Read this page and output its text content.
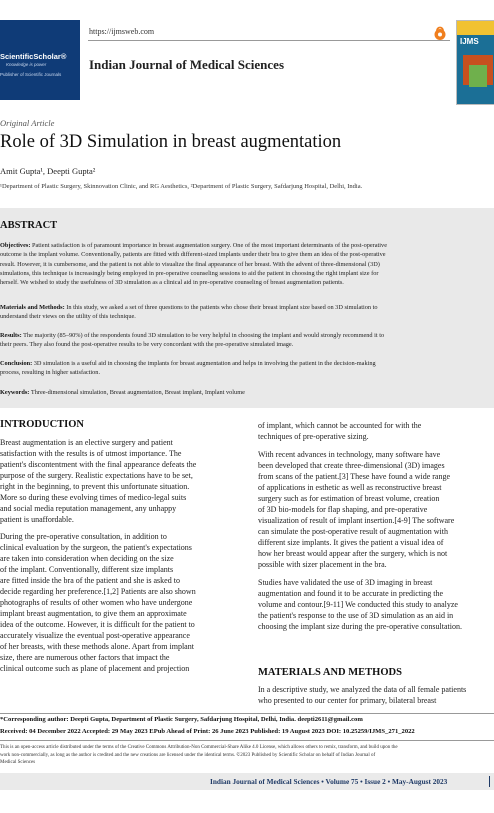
ScientificScholar®
Knowledge is power
Publisher of Scientific Journals
https://ijmsweb.com
Indian Journal of Medical Sciences
IJMS
Original Article
Role of 3D Simulation in breast augmentation
Amit Gupta¹, Deepti Gupta²
¹Department of Plastic Surgery, Skinnovation Clinic, and RG Aesthetics, ²Department of Plastic Surgery, Safdarjung Hospital, Delhi, India.
ABSTRACT
Objectives: Patient satisfaction is of paramount importance in breast augmentation surgery. One of the most important determinants of the post-operative
outcome is the implant volume. Conventionally, patients are fitted with different-sized implants under their bra to give them an idea of the post-operative
result. However, it is cumbersome, and the patient is not able to visualize the final appearance of her breast. With the advent of three-dimensional (3D)
simulations, this technique is increasingly being employed in pre-operative counseling sessions to aid the patient in choosing the right implant size for
herself. We wished to study the usefulness of 3D simulation as a clinical aid in pre-operative counseling of breast augmentation patients.
Materials and Methods: In this study, we asked a set of three questions to the patients who chose their breast implant size based on 3D simulation to
understand their views on the utility of this technique.
Results: The majority (85–90%) of the respondents found 3D simulation to be very helpful in choosing the implant and would strongly recommend it to
their peers. They also found the post-operative results to be very concordant with the pre-operative simulated image.
Conclusion: 3D simulation is a useful aid in choosing the implants for breast augmentation and helps in involving the patient in the decision-making
process, resulting in higher satisfaction.
Keywords: Three-dimensional simulation, Breast augmentation, Breast implant, Implant volume
INTRODUCTION
Breast augmentation is an elective surgery and patient
satisfaction with the results is of utmost importance. The
patient's discontentment with the final appearance defeats the
purpose of the surgery. Realistic expectations have to be set,
right in the beginning, to prevent this unfortunate situation.
More so during these evolving times of medico-legal suits
and social media reputation management, any unhappy
patient is unaffordable.
During the pre-operative consultation, in addition to
clinical evaluation by the surgeon, the patient's expectations
are taken into consideration when deciding on the size
of the implant. Conventionally, different size implants
are fitted inside the bra of the patient and she is asked to
decide regarding her preference.[1,2] Patients are also shown
photographs of results of other women who have undergone
implant breast augmentation, to give them an approximate
idea of the outcome. However, it is difficult for the patient to
accurately visualize the eventual post-operative appearance
of her breasts, with these methods alone. Apart from implant
size, there are numerous other factors that impact the
clinical outcome such as plane of placement and projection
of implant, which cannot be accounted for with the
techniques of pre-operative sizing.
With recent advances in technology, many software have
been developed that create three-dimensional (3D) images
from scans of the patient.[3] These have found a wide range
of applications in esthetic as well as reconstructive breast
surgery such as for estimation of breast volume, creation
of 3D bio-models for flap shaping, and pre-operative
visualization of result of implant insertion.[4-9] The software
can simulate the post-operative result of augmentation with
different size implants. It gives the patient a visual idea of
how her breast would appear after the surgery, which is not
possible with sizer placement in the bra.
Studies have validated the use of 3D imaging in breast
augmentation and found it to be accurate in predicting the
volume and contour.[9-11] We conducted this study to analyze
the patient's response to the use of 3D simulation as an aid in
choosing the implant size during the pre-operative consultation.
MATERIALS AND METHODS
In a descriptive study, we analyzed the data of all female patients
who presented to our center for primary, bilateral breast
*Corresponding author: Deepti Gupta, Department of Plastic Surgery, Safdarjung Hospital, Delhi, India. deepti2611@gmail.com
Received: 04 December 2022 Accepted: 29 May 2023 EPub Ahead of Print: 26 June 2023 Published: 19 August 2023 DOI: 10.25259/IJMS_271_2022
This is an open-access article distributed under the terms of the Creative Commons Attribution-Non Commercial-Share Alike 4.0 License, which allows others to remix, transform, and build upon the
work non-commercially, as long as the author is credited and the new creations are licensed under the identical terms. ©2023 Published by Scientific Scholar on behalf of Indian Journal of
Medical Sciences
Indian Journal of Medical Sciences • Volume 75 • Issue 2 • May-August 2023
